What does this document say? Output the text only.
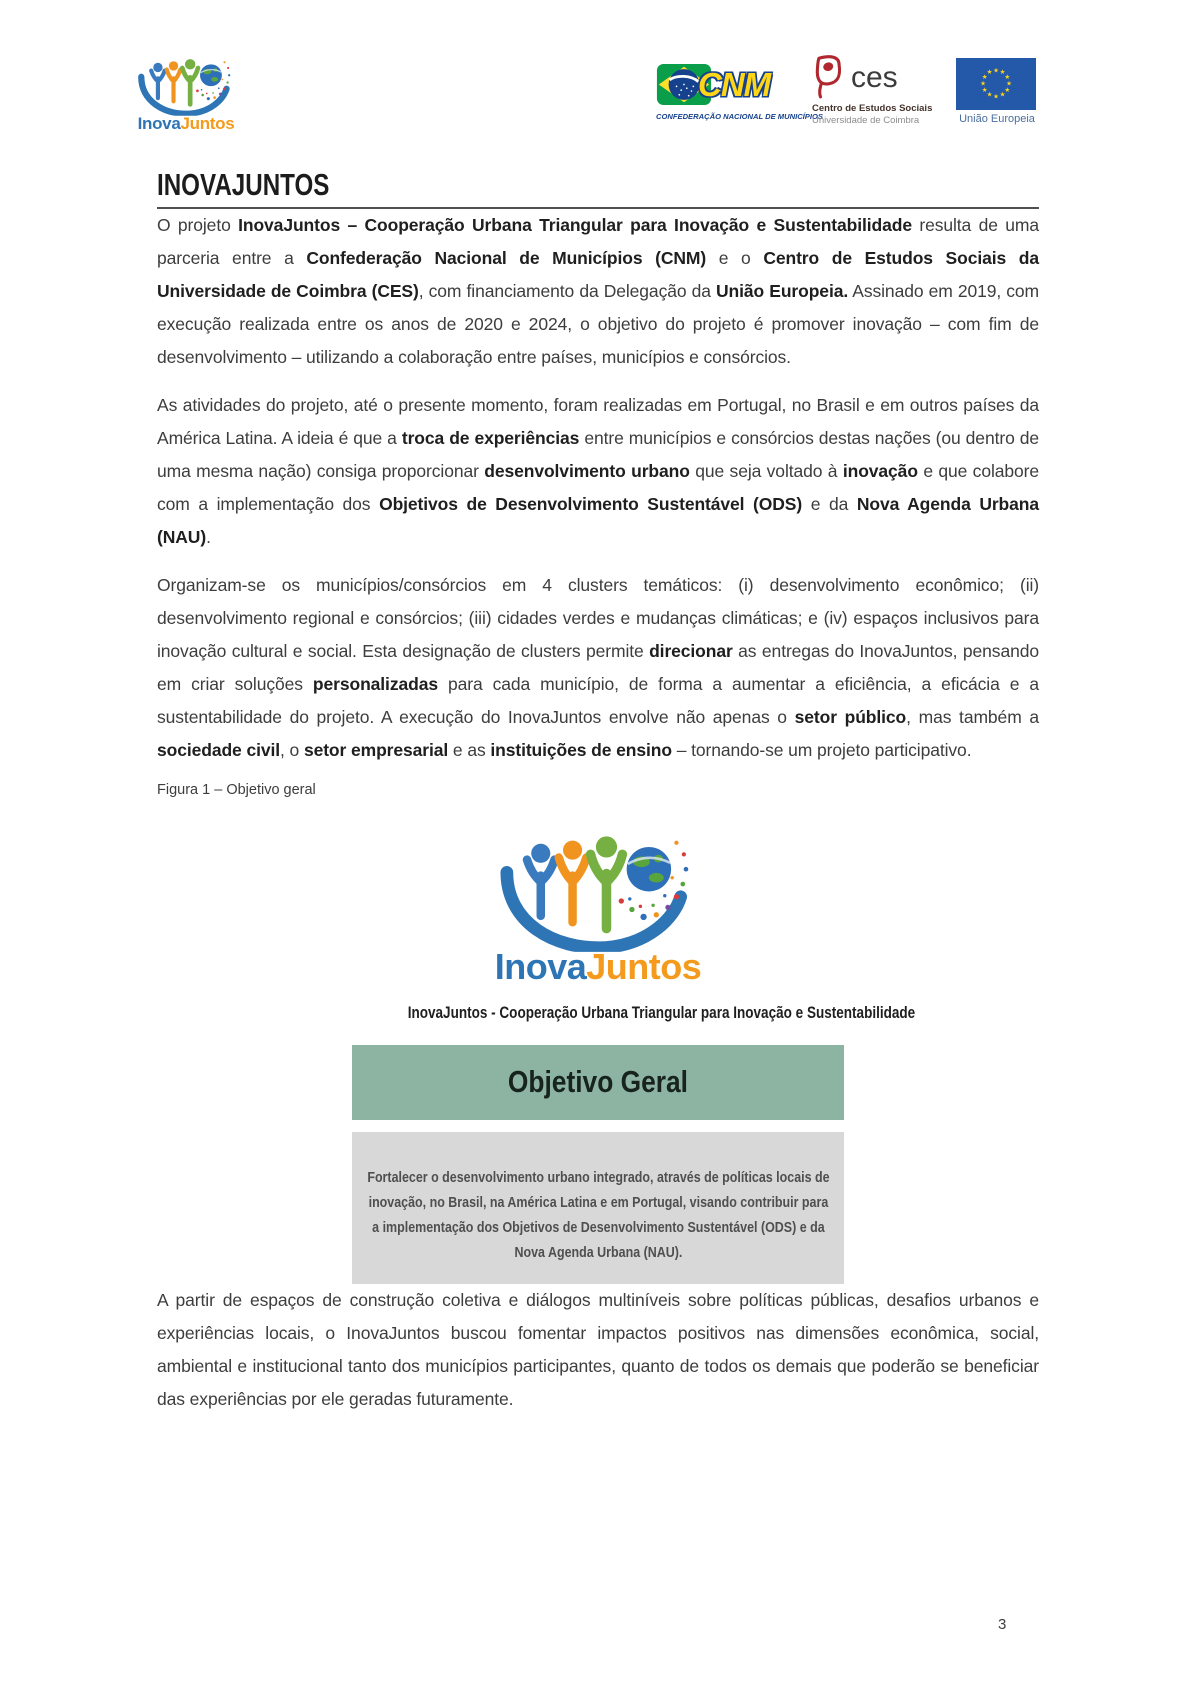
InovaJuntos
CNM
CONFEDERAÇÃO NACIONAL DE MUNICÍPIOS
ces
Centro de Estudos Sociais
Universidade de Coimbra	União Europeia
INOVAJUNTOS

O projeto InovaJuntos – Cooperação Urbana Triangular para Inovação e Sustentabilidade resulta de uma parceria entre a Confederação Nacional de Municípios (CNM) e o Centro de Estudos Sociais da Universidade de Coimbra (CES), com financiamento da Delegação da União Europeia. Assinado em 2019, com execução realizada entre os anos de 2020 e 2024, o objetivo do projeto é promover inovação – com fim de desenvolvimento – utilizando a colaboração entre países, municípios e consórcios.

As atividades do projeto, até o presente momento, foram realizadas em Portugal, no Brasil e em outros países da América Latina. A ideia é que a troca de experiências entre municípios e consórcios destas nações (ou dentro de uma mesma nação) consiga proporcionar desenvolvimento urbano que seja voltado à inovação e que colabore com a implementação dos Objetivos de Desenvolvimento Sustentável (ODS) e da Nova Agenda Urbana (NAU).

Organizam-se os municípios/consórcios em 4 clusters temáticos: (i) desenvolvimento econômico; (ii) desenvolvimento regional e consórcios; (iii) cidades verdes e mudanças climáticas; e (iv) espaços inclusivos para inovação cultural e social. Esta designação de clusters permite direcionar as entregas do InovaJuntos, pensando em criar soluções personalizadas para cada município, de forma a aumentar a eficiência, a eficácia e a sustentabilidade do projeto. A execução do InovaJuntos envolve não apenas o setor público, mas também a sociedade civil, o setor empresarial e as instituições de ensino – tornando-se um projeto participativo.

Figura 1 – Objetivo geral
InovaJuntos
InovaJuntos - Cooperação Urbana Triangular para Inovação e Sustentabilidade
Objetivo Geral
Fortalecer o desenvolvimento urbano integrado, através de políticas locais de inovação, no Brasil, na América Latina e em Portugal, visando contribuir para a implementação dos Objetivos de Desenvolvimento Sustentável (ODS) e da Nova Agenda Urbana (NAU).

A partir de espaços de construção coletiva e diálogos multiníveis sobre políticas públicas, desafios urbanos e experiências locais, o InovaJuntos buscou fomentar impactos positivos nas dimensões econômica, social, ambiental e institucional tanto dos municípios participantes, quanto de todos os demais que poderão se beneficiar das experiências por ele geradas futuramente.

3
